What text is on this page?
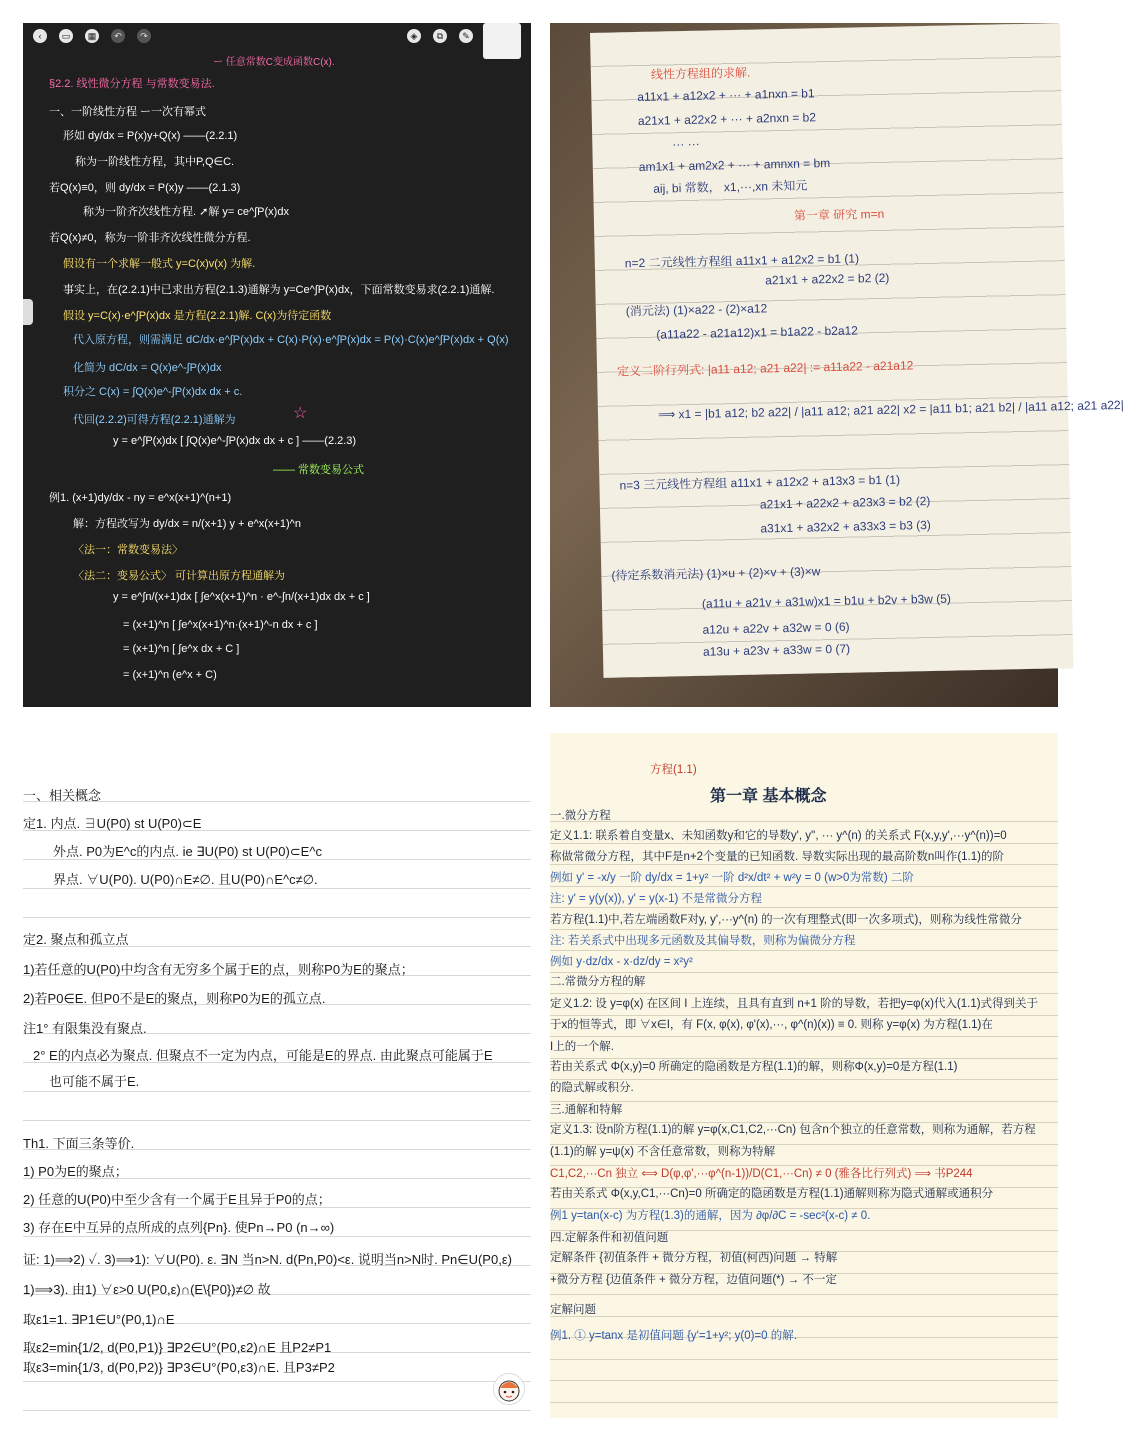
‹	▭	▦	↶	↷	◈	⧉	✎
ー 任意常数C变成函数C(x).
§2.2. 线性微分方程 与常数变易法.
一、一阶线性方程 ー一次有幂式
形如 dy/dx = P(x)y+Q(x) ——(2.2.1)
称为一阶线性方程，其中P,Q∈C.
若Q(x)≡0，则 dy/dx = P(x)y ——(2.1.3)
称为一阶齐次线性方程. ➚解 y= ce^∫P(x)dx
若Q(x)≠0，称为一阶非齐次线性微分方程.
假设有一个求解一般式 y=C(x)v(x) 为解.
事实上，在(2.2.1)中已求出方程(2.1.3)通解为 y=Ce^∫P(x)dx，下面常数变易求(2.2.1)通解.
假设 y=C(x)·e^∫P(x)dx 是方程(2.2.1)解. C(x)为待定函数
代入原方程，则需满足 dC/dx·e^∫P(x)dx + C(x)·P(x)·e^∫P(x)dx = P(x)·C(x)e^∫P(x)dx + Q(x)
化简为 dC/dx = Q(x)e^-∫P(x)dx
积分之 C(x) = ∫Q(x)e^-∫P(x)dx dx + c.
代回(2.2.2)可得方程(2.2.1)通解为
y = e^∫P(x)dx [ ∫Q(x)e^-∫P(x)dx dx + c ] ——(2.2.3)
—— 常数变易公式
例1. (x+1)dy/dx - ny = e^x(x+1)^(n+1)
解：方程改写为 dy/dx = n/(x+1) y + e^x(x+1)^n
〈法一：常数变易法〉
〈法二：变易公式〉 可计算出原方程通解为
y = e^∫n/(x+1)dx [ ∫e^x(x+1)^n · e^-∫n/(x+1)dx dx + c ]
= (x+1)^n [ ∫e^x(x+1)^n·(x+1)^-n dx + c ]
= (x+1)^n [ ∫e^x dx + C ]
= (x+1)^n (e^x + C)
☆
线性方程组的求解.
a11x1 + a12x2 + ··· + a1nxn = b1
a21x1 + a22x2 + ··· + a2nxn = b2
··· ···
am1x1 + am2x2 + ··· + amnxn = bm
aij, bi 常数， x1,···,xn 未知元
第一章 研究 m=n
n=2 二元线性方程组 a11x1 + a12x2 = b1 (1)
a21x1 + a22x2 = b2 (2)
(消元法) (1)×a22 - (2)×a12
(a11a22 - a21a12)x1 = b1a22 - b2a12
定义二阶行列式: |a11 a12; a21 a22| := a11a22 - a21a12
⟹ x1 = |b1 a12; b2 a22| / |a11 a12; a21 a22| x2 = |a11 b1; a21 b2| / |a11 a12; a21 a22|
n=3 三元线性方程组 a11x1 + a12x2 + a13x3 = b1 (1)
a21x1 + a22x2 + a23x3 = b2 (2)
a31x1 + a32x2 + a33x3 = b3 (3)
(待定系数消元法) (1)×u + (2)×v + (3)×w
(a11u + a21v + a31w)x1 = b1u + b2v + b3w (5)
a12u + a22v + a32w = 0 (6)
a13u + a23v + a33w = 0 (7)
一、相关概念
定1. 内点. ∃U(P0) st U(P0)⊂E
外点. P0为E^c的内点. ie ∃U(P0) st U(P0)⊂E^c
界点. ∀U(P0). U(P0)∩E≠∅. 且U(P0)∩E^c≠∅.
定2. 聚点和孤立点
1)若任意的U(P0)中均含有无穷多个属于E的点，则称P0为E的聚点；
2)若P0∈E. 但P0不是E的聚点，则称P0为E的孤立点.
注1° 有限集没有聚点.
2° E的内点必为聚点. 但聚点不一定为内点，可能是E的界点. 由此聚点可能属于E
也可能不属于E.
Th1. 下面三条等价.
1) P0为E的聚点；
2) 任意的U(P0)中至少含有一个属于E且异于P0的点；
3) 存在E中互异的点所成的点列{Pn}. 使Pn→P0 (n→∞)
证: 1)⟹2) ✓. 3)⟹1): ∀U(P0). ε. ∃N 当n>N. d(Pn,P0)<ε. 说明当n>N时. Pn∈U(P0,ε)
1)⟹3). 由1) ∀ε>0 U(P0,ε)∩(E\{P0})≠∅ 故
取ε1=1. ∃P1∈U°(P0,1)∩E
取ε2=min{1/2, d(P0,P1)} ∃P2∈U°(P0,ε2)∩E 且P2≠P1
取ε3=min{1/3, d(P0,P2)} ∃P3∈U°(P0,ε3)∩E. 且P3≠P2
方程(1.1)
第一章 基本概念
一.微分方程
定义1.1: 联系着自变量x、未知函数y和它的导数y', y'', ··· y^(n) 的关系式 F(x,y,y',···y^(n))=0
称做常微分方程，其中F是n+2个变量的已知函数. 导数实际出现的最高阶数n叫作(1.1)的阶
例如 y' = -x/y 一阶 dy/dx = 1+y² 一阶 d²x/dt² + w²y = 0 (w>0为常数) 二阶
注: y' = y(y(x)), y' = y(x-1) 不是常微分方程
若方程(1.1)中,若左端函数F对y, y',···y^(n) 的一次有理整式(即一次多项式)，则称为线性常微分
注: 若关系式中出现多元函数及其偏导数，则称为偏微分方程
例如 y·dz/dx - x·dz/dy = x²y²
二.常微分方程的解
定义1.2: 设 y=φ(x) 在区间 I 上连续，且具有直到 n+1 阶的导数，若把y=φ(x)代入(1.1)式得到关于
于x的恒等式，即 ∀x∈I，有 F(x, φ(x), φ'(x),···, φ^(n)(x)) ≡ 0. 则称 y=φ(x) 为方程(1.1)在
I上的一个解.
若由关系式 Φ(x,y)=0 所确定的隐函数是方程(1.1)的解，则称Φ(x,y)=0是方程(1.1)
的隐式解或积分.
三.通解和特解
定义1.3: 设n阶方程(1.1)的解 y=φ(x,C1,C2,···Cn) 包含n个独立的任意常数，则称为通解，若方程
(1.1)的解 y=ψ(x) 不含任意常数，则称为特解
C1,C2,···Cn 独立 ⟺ D(φ,φ',···φ^(n-1))/D(C1,···Cn) ≠ 0 (雅各比行列式) ⟹ 书P244
若由关系式 Φ(x,y,C1,···Cn)=0 所确定的隐函数是方程(1.1)通解则称为隐式通解或通积分
例1 y=tan(x-c) 为方程(1.3)的通解，因为 ∂φ/∂C = -sec²(x-c) ≠ 0.
四.定解条件和初值问题
定解条件 {初值条件 + 微分方程，初值(柯西)问题 → 特解
+微分方程 {边值条件 + 微分方程，边值问题(*) → 不一定
定解问题
例1. ① y=tanx 是初值问题 {y'=1+y²; y(0)=0 的解.
